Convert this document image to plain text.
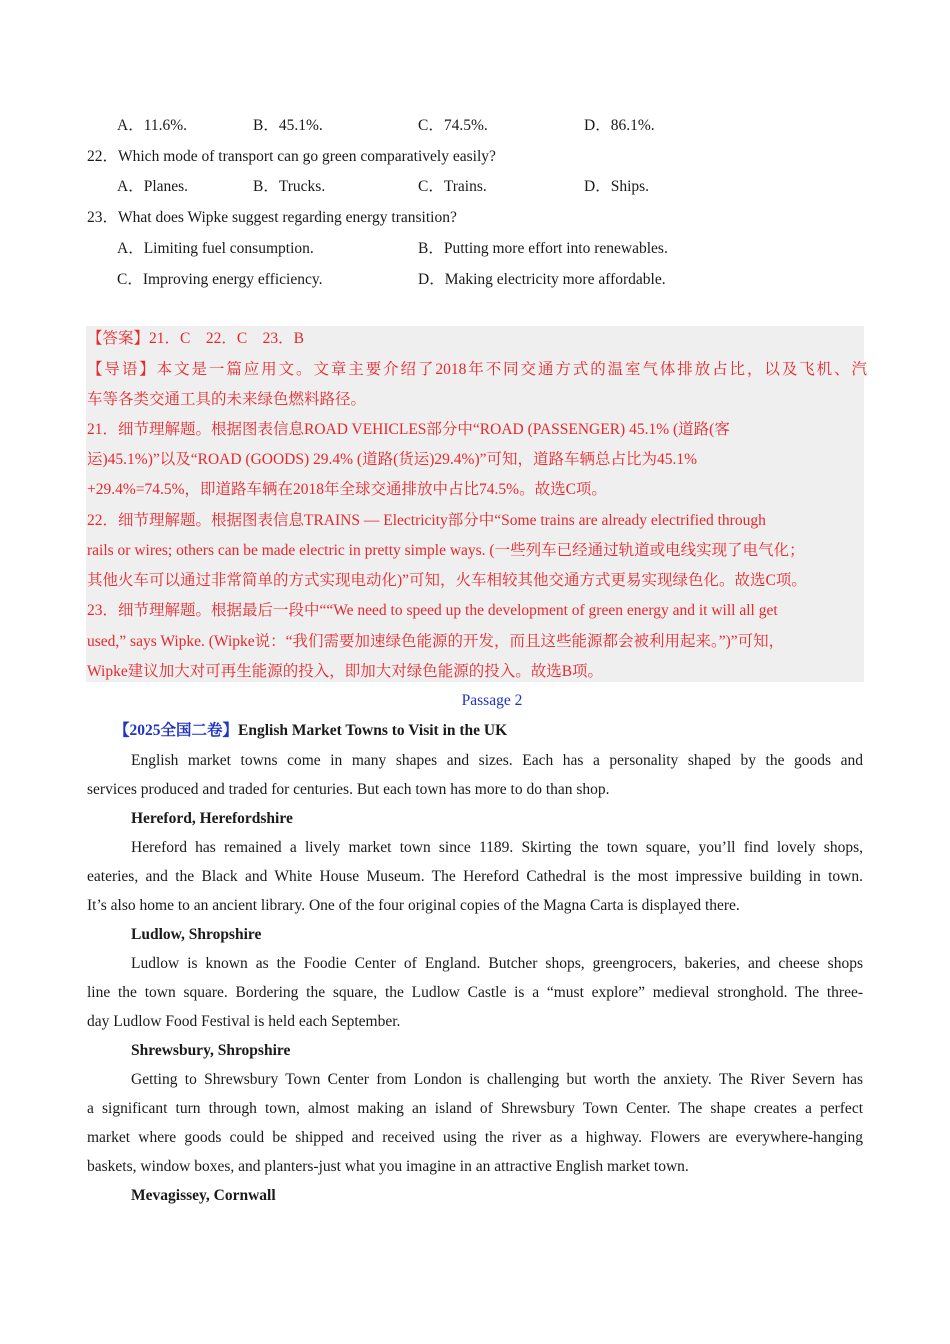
A．11.6%.	B．45.1%.	C．74.5%.	D．86.1%.
22．Which mode of transport can go green comparatively easily?
A．Planes.	B．Trucks.	C．Trains.	D．Ships.
23．What does Wipke suggest regarding energy transition?
A．Limiting fuel consumption.	B．Putting more effort into renewables.
C．Improving energy efficiency.	D．Making electricity more affordable.
【答案】21．C　22．C　23．B
【导语】本文是一篇应用文。文章主要介绍了2018年不同交通方式的温室气体排放占比，以及飞机、汽
车等各类交通工具的未来绿色燃料路径。
21．细节理解题。根据图表信息ROAD VEHICLES部分中“ROAD (PASSENGER) 45.1% (道路(客
运)45.1%)”以及“ROAD (GOODS) 29.4% (道路(货运)29.4%)”可知，道路车辆总占比为45.1%
+29.4%=74.5%，即道路车辆在2018年全球交通排放中占比74.5%。故选C项。
22．细节理解题。根据图表信息TRAINS — Electricity部分中“Some trains are already electrified through
rails or wires; others can be made electric in pretty simple ways. (一些列车已经通过轨道或电线实现了电气化；
其他火车可以通过非常简单的方式实现电动化)”可知，火车相较其他交通方式更易实现绿色化。故选C项。
23．细节理解题。根据最后一段中““We need to speed up the development of green energy and it will all get
used,” says Wipke. (Wipke说：“我们需要加速绿色能源的开发，而且这些能源都会被利用起来。”)”可知，
Wipke建议加大对可再生能源的投入，即加大对绿色能源的投入。故选B项。
Passage 2
【2025全国二卷】English Market Towns to Visit in the UK
English market towns come in many shapes and sizes. Each has a personality shaped by the goods and
services produced and traded for centuries. But each town has more to do than shop.
Hereford, Herefordshire
Hereford has remained a lively market town since 1189. Skirting the town square, you’ll find lovely shops,
eateries, and the Black and White House Museum. The Hereford Cathedral is the most impressive building in town.
It’s also home to an ancient library. One of the four original copies of the Magna Carta is displayed there.
Ludlow, Shropshire
Ludlow is known as the Foodie Center of England. Butcher shops, greengrocers, bakeries, and cheese shops
line the town square. Bordering the square, the Ludlow Castle is a “must explore” medieval stronghold. The three-
day Ludlow Food Festival is held each September.
Shrewsbury, Shropshire
Getting to Shrewsbury Town Center from London is challenging but worth the anxiety. The River Severn has
a significant turn through town, almost making an island of Shrewsbury Town Center. The shape creates a perfect
market where goods could be shipped and received using the river as a highway. Flowers are everywhere-hanging
baskets, window boxes, and planters-just what you imagine in an attractive English market town.
Mevagissey, Cornwall
